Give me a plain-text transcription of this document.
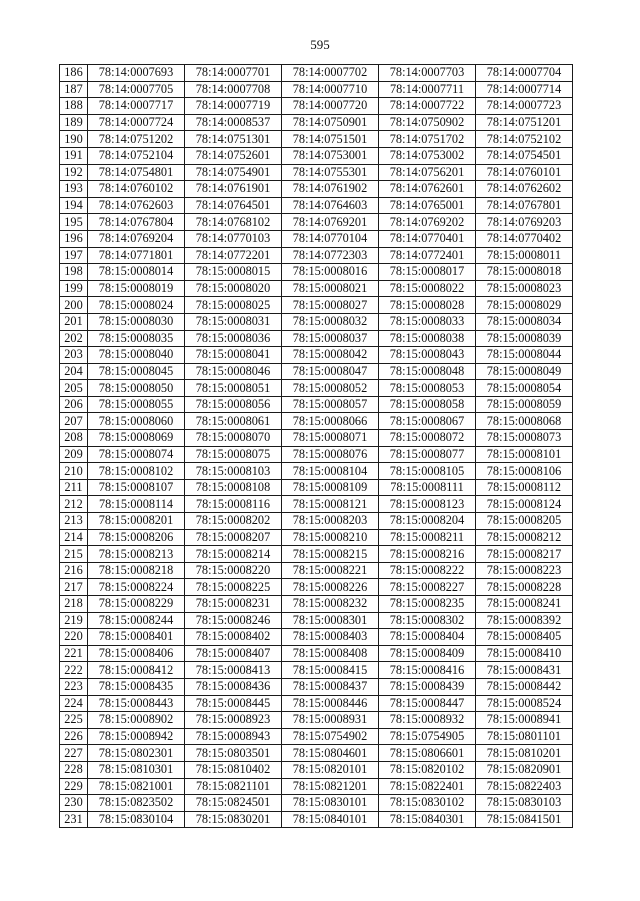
595
186	78:14:0007693	78:14:0007701	78:14:0007702	78:14:0007703	78:14:0007704
187	78:14:0007705	78:14:0007708	78:14:0007710	78:14:0007711	78:14:0007714
188	78:14:0007717	78:14:0007719	78:14:0007720	78:14:0007722	78:14:0007723
189	78:14:0007724	78:14:0008537	78:14:0750901	78:14:0750902	78:14:0751201
190	78:14:0751202	78:14:0751301	78:14:0751501	78:14:0751702	78:14:0752102
191	78:14:0752104	78:14:0752601	78:14:0753001	78:14:0753002	78:14:0754501
192	78:14:0754801	78:14:0754901	78:14:0755301	78:14:0756201	78:14:0760101
193	78:14:0760102	78:14:0761901	78:14:0761902	78:14:0762601	78:14:0762602
194	78:14:0762603	78:14:0764501	78:14:0764603	78:14:0765001	78:14:0767801
195	78:14:0767804	78:14:0768102	78:14:0769201	78:14:0769202	78:14:0769203
196	78:14:0769204	78:14:0770103	78:14:0770104	78:14:0770401	78:14:0770402
197	78:14:0771801	78:14:0772201	78:14:0772303	78:14:0772401	78:15:0008011
198	78:15:0008014	78:15:0008015	78:15:0008016	78:15:0008017	78:15:0008018
199	78:15:0008019	78:15:0008020	78:15:0008021	78:15:0008022	78:15:0008023
200	78:15:0008024	78:15:0008025	78:15:0008027	78:15:0008028	78:15:0008029
201	78:15:0008030	78:15:0008031	78:15:0008032	78:15:0008033	78:15:0008034
202	78:15:0008035	78:15:0008036	78:15:0008037	78:15:0008038	78:15:0008039
203	78:15:0008040	78:15:0008041	78:15:0008042	78:15:0008043	78:15:0008044
204	78:15:0008045	78:15:0008046	78:15:0008047	78:15:0008048	78:15:0008049
205	78:15:0008050	78:15:0008051	78:15:0008052	78:15:0008053	78:15:0008054
206	78:15:0008055	78:15:0008056	78:15:0008057	78:15:0008058	78:15:0008059
207	78:15:0008060	78:15:0008061	78:15:0008066	78:15:0008067	78:15:0008068
208	78:15:0008069	78:15:0008070	78:15:0008071	78:15:0008072	78:15:0008073
209	78:15:0008074	78:15:0008075	78:15:0008076	78:15:0008077	78:15:0008101
210	78:15:0008102	78:15:0008103	78:15:0008104	78:15:0008105	78:15:0008106
211	78:15:0008107	78:15:0008108	78:15:0008109	78:15:0008111	78:15:0008112
212	78:15:0008114	78:15:0008116	78:15:0008121	78:15:0008123	78:15:0008124
213	78:15:0008201	78:15:0008202	78:15:0008203	78:15:0008204	78:15:0008205
214	78:15:0008206	78:15:0008207	78:15:0008210	78:15:0008211	78:15:0008212
215	78:15:0008213	78:15:0008214	78:15:0008215	78:15:0008216	78:15:0008217
216	78:15:0008218	78:15:0008220	78:15:0008221	78:15:0008222	78:15:0008223
217	78:15:0008224	78:15:0008225	78:15:0008226	78:15:0008227	78:15:0008228
218	78:15:0008229	78:15:0008231	78:15:0008232	78:15:0008235	78:15:0008241
219	78:15:0008244	78:15:0008246	78:15:0008301	78:15:0008302	78:15:0008392
220	78:15:0008401	78:15:0008402	78:15:0008403	78:15:0008404	78:15:0008405
221	78:15:0008406	78:15:0008407	78:15:0008408	78:15:0008409	78:15:0008410
222	78:15:0008412	78:15:0008413	78:15:0008415	78:15:0008416	78:15:0008431
223	78:15:0008435	78:15:0008436	78:15:0008437	78:15:0008439	78:15:0008442
224	78:15:0008443	78:15:0008445	78:15:0008446	78:15:0008447	78:15:0008524
225	78:15:0008902	78:15:0008923	78:15:0008931	78:15:0008932	78:15:0008941
226	78:15:0008942	78:15:0008943	78:15:0754902	78:15:0754905	78:15:0801101
227	78:15:0802301	78:15:0803501	78:15:0804601	78:15:0806601	78:15:0810201
228	78:15:0810301	78:15:0810402	78:15:0820101	78:15:0820102	78:15:0820901
229	78:15:0821001	78:15:0821101	78:15:0821201	78:15:0822401	78:15:0822403
230	78:15:0823502	78:15:0824501	78:15:0830101	78:15:0830102	78:15:0830103
231	78:15:0830104	78:15:0830201	78:15:0840101	78:15:0840301	78:15:0841501
